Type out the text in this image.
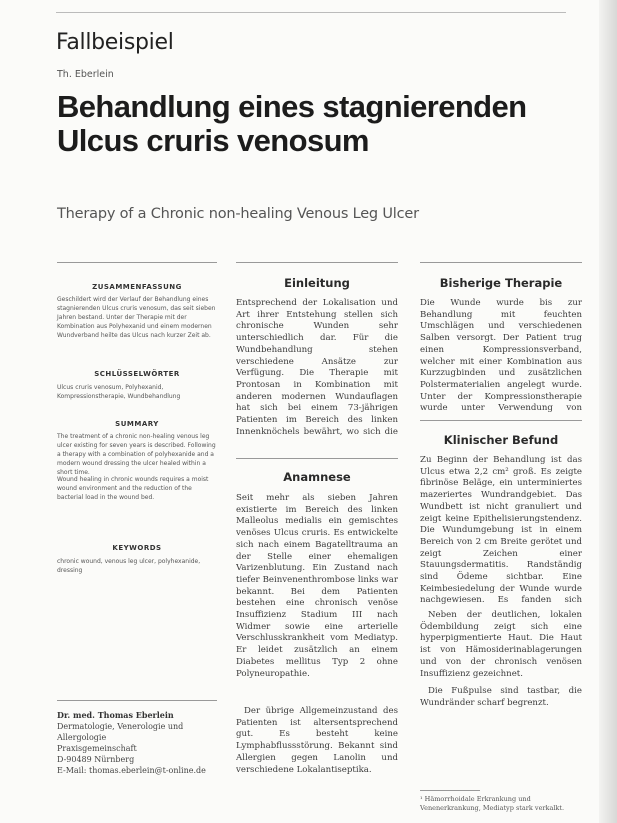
Fallbeispiel
Th. Eberlein
Behandlung eines stagnierenden Ulcus cruris venosum
Therapy of a Chronic non-healing Venous Leg Ulcer
ZUSAMMENFASSUNG
Geschildert wird der Verlauf der Behandlung eines stagnierenden Ulcus cruris venosum, das seit sieben Jahren bestand. Unter der Therapie mit der Kombination aus Polyhexanid und einem modernen Wundverband heilte das Ulcus nach kurzer Zeit ab.
SCHLÜSSELWÖRTER
Ulcus cruris venosum, Polyhexanid, Kompressionstherapie, Wundbehandlung
SUMMARY
The treatment of a chronic non-healing venous leg ulcer existing for seven years is described. Following a therapy with a combination of polyhexanide and a modern wound dressing the ulcer healed within a short time.
Wound healing in chronic wounds requires a moist wound environment and the reduction of the bacterial load in the wound bed.
KEYWORDS
chronic wound, venous leg ulcer, polyhexanide, dressing
Dr. med. Thomas Eberlein
Dermatologie, Venerologie und
Allergologie
Praxisgemeinschaft
D-90489 Nürnberg
E-Mail: thomas.eberlein@t-online.de
Einleitung
Entsprechend der Lokalisation und Art ihrer Entstehung stellen sich chronische Wunden sehr unterschiedlich dar. Für die Wundbehandlung stehen verschiedene Ansätze zur Verfügung. Die Therapie mit Prontosan in Kombination mit anderen modernen Wundauflagen hat sich bei einem 73-jährigen Patienten im Bereich des linken Innenknöchels bewährt, wo sich die
Anamnese
Seit mehr als sieben Jahren existierte im Bereich des linken Malleolus medialis ein gemischtes venöses Ulcus cruris. Es entwickelte sich nach einem Bagatelltrauma an der Stelle einer ehemaligen Varizenblutung. Ein Zustand nach tiefer Beinvenenthrombose links war bekannt. Bei dem Patienten bestehen eine chronisch venöse Insuffizienz Stadium III nach Widmer sowie eine arterielle Verschlusskrankheit vom Mediatyp. Er leidet zusätzlich an einem Diabetes mellitus Typ 2 ohne Polyneuropathie.
Der übrige Allgemeinzustand des Patienten ist altersentsprechend gut. Es besteht keine Lymphabflussstörung. Bekannt sind Allergien gegen Lanolin und verschiedene Lokalantiseptika.
Bisherige Therapie
Die Wunde wurde bis zur Behandlung mit feuchten Umschlägen und verschiedenen Salben versorgt. Der Patient trug einen Kompressionsverband, welcher mit einer Kombination aus Kurzzugbinden und zusätzlichen Polstermaterialien angelegt wurde. Unter der Kompressionstherapie wurde unter Verwendung von
Klinischer Befund
Zu Beginn der Behandlung ist das Ulcus etwa 2,2 cm² groß. Es zeigte fibrinöse Beläge, ein unterminiertes mazeriertes Wundrandgebiet. Das Wundbett ist nicht granuliert und zeigt keine Epithelisierungstendenz. Die Wundumgebung ist in einem Bereich von 2 cm Breite gerötet und zeigt Zeichen einer Stauungsdermatitis. Randständig sind Ödeme sichtbar. Eine Keimbesiedelung der Wunde wurde nachgewiesen. Es fanden sich
Neben der deutlichen, lokalen Ödembildung zeigt sich eine hyperpigmentierte Haut. Die Haut ist von Hämosiderinablagerungen und von der chronisch venösen Insuffizienz gezeichnet.
Die Fußpulse sind tastbar, die Wundränder scharf begrenzt.
¹ Hämorrhoidale Erkrankung und Venenerkrankung, Mediatyp stark verkalkt.
